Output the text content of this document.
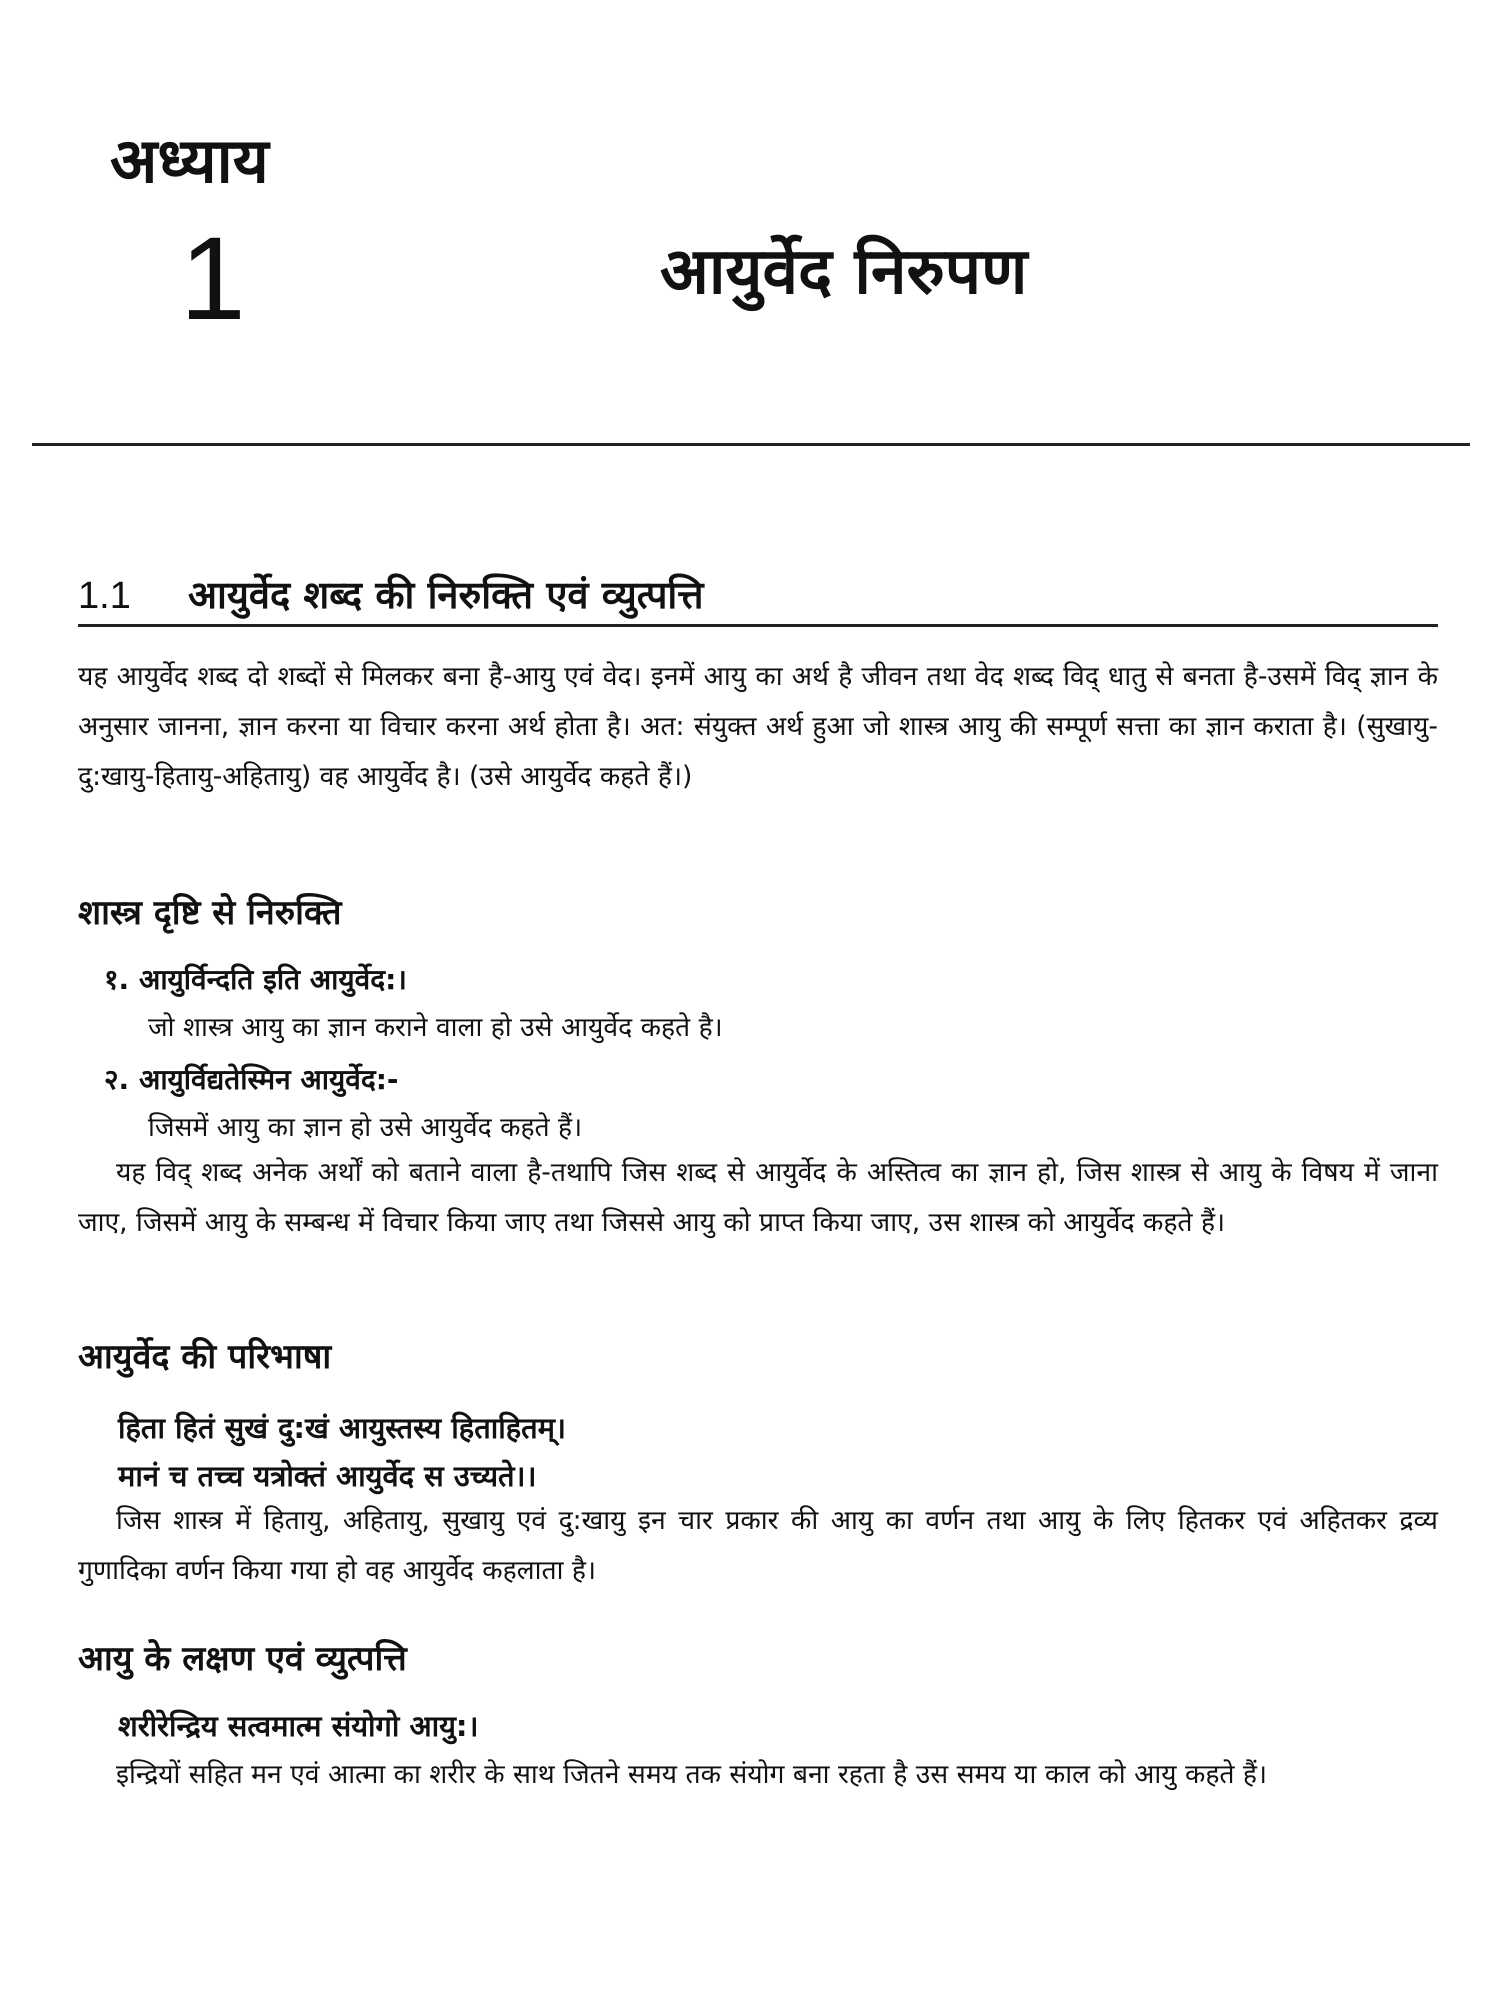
अध्याय
1	आयुर्वेद निरुपण
1.1 आयुर्वेद शब्द की निरुक्ति एवं व्युत्पत्ति
यह आयुर्वेद शब्द दो शब्दों से मिलकर बना है-आयु एवं वेद। इनमें आयु का अर्थ है जीवन तथा वेद शब्द विद् धातु से बनता है-उसमें विद् ज्ञान के अनुसार जानना, ज्ञान करना या विचार करना अर्थ होता है। अत: संयुक्त अर्थ हुआ जो शास्त्र आयु की सम्पूर्ण सत्ता का ज्ञान कराता है। (सुखायु-दु:खायु-हितायु-अहितायु) वह आयुर्वेद है। (उसे आयुर्वेद कहते हैं।)
शास्त्र दृष्टि से निरुक्ति
१. आयुर्विन्दति इति आयुर्वेद:।
जो शास्त्र आयु का ज्ञान कराने वाला हो उसे आयुर्वेद कहते है।
२. आयुर्विद्यतेस्मिन आयुर्वेद:-
जिसमें आयु का ज्ञान हो उसे आयुर्वेद कहते हैं।
यह विद् शब्द अनेक अर्थों को बताने वाला है-तथापि जिस शब्द से आयुर्वेद के अस्तित्व का ज्ञान हो, जिस शास्त्र से आयु के विषय में जाना जाए, जिसमें आयु के सम्बन्ध में विचार किया जाए तथा जिससे आयु को प्राप्त किया जाए, उस शास्त्र को आयुर्वेद कहते हैं।
आयुर्वेद की परिभाषा
हिता हितं सुखं दु:खं आयुस्तस्य हिताहितम्।
मानं च तच्च यत्रोक्तं आयुर्वेद स उच्यते।।
जिस शास्त्र में हितायु, अहितायु, सुखायु एवं दु:खायु इन चार प्रकार की आयु का वर्णन तथा आयु के लिए हितकर एवं अहितकर द्रव्य गुणादिका वर्णन किया गया हो वह आयुर्वेद कहलाता है।
आयु के लक्षण एवं व्युत्पत्ति
शरीरेन्द्रिय सत्वमात्म संयोगो आयु:।
इन्द्रियों सहित मन एवं आत्मा का शरीर के साथ जितने समय तक संयोग बना रहता है उस समय या काल को आयु कहते हैं।
